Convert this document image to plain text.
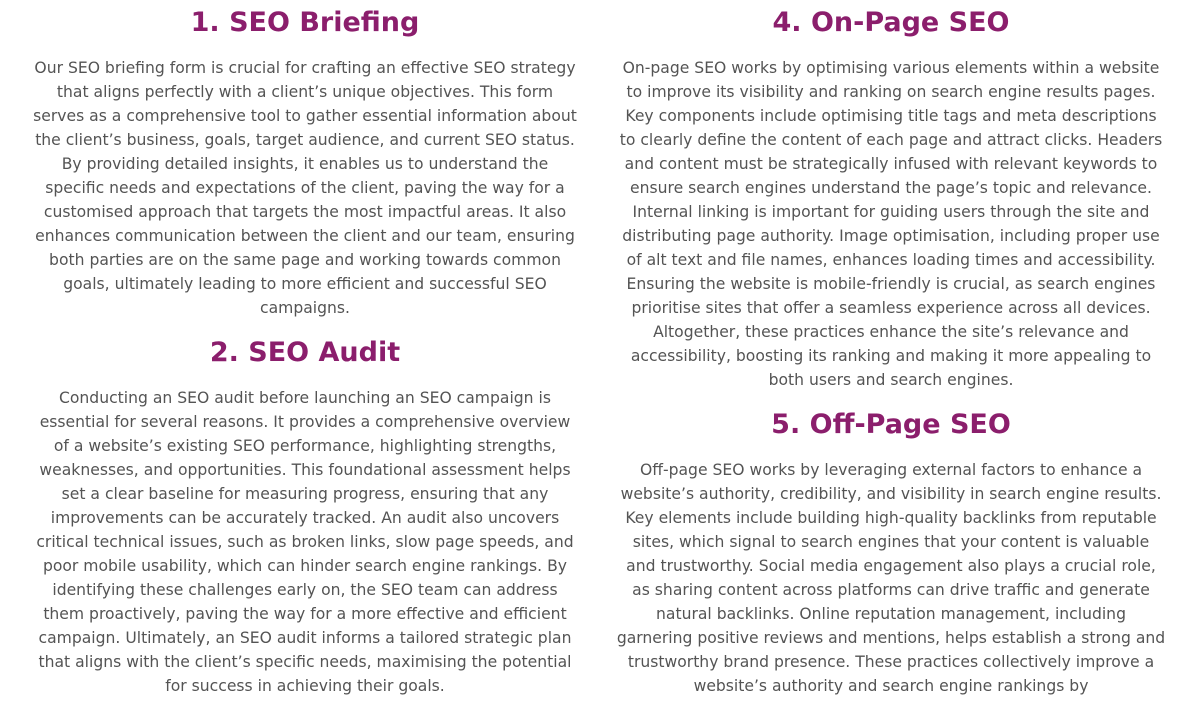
1. SEO Briefing

Our SEO briefing form is crucial for crafting an effective SEO strategy that aligns perfectly with a client’s unique objectives. This form serves as a comprehensive tool to gather essential information about the client’s business, goals, target audience, and current SEO status. By providing detailed insights, it enables us to understand the specific needs and expectations of the client, paving the way for a customised approach that targets the most impactful areas. It also enhances communication between the client and our team, ensuring both parties are on the same page and working towards common goals, ultimately leading to more efficient and successful SEO campaigns.

2. SEO Audit

Conducting an SEO audit before launching an SEO campaign is essential for several reasons. It provides a comprehensive overview of a website’s existing SEO performance, highlighting strengths, weaknesses, and opportunities. This foundational assessment helps set a clear baseline for measuring progress, ensuring that any improvements can be accurately tracked. An audit also uncovers critical technical issues, such as broken links, slow page speeds, and poor mobile usability, which can hinder search engine rankings. By identifying these challenges early on, the SEO team can address them proactively, paving the way for a more effective and efficient campaign. Ultimately, an SEO audit informs a tailored strategic plan that aligns with the client’s specific needs, maximising the potential for success in achieving their goals.

4. On-Page SEO

On-page SEO works by optimising various elements within a website to improve its visibility and ranking on search engine results pages. Key components include optimising title tags and meta descriptions to clearly define the content of each page and attract clicks. Headers and content must be strategically infused with relevant keywords to ensure search engines understand the page’s topic and relevance. Internal linking is important for guiding users through the site and distributing page authority. Image optimisation, including proper use of alt text and file names, enhances loading times and accessibility. Ensuring the website is mobile-friendly is crucial, as search engines prioritise sites that offer a seamless experience across all devices. Altogether, these practices enhance the site’s relevance and accessibility, boosting its ranking and making it more appealing to both users and search engines.

5. Off-Page SEO

Off-page SEO works by leveraging external factors to enhance a website’s authority, credibility, and visibility in search engine results. Key elements include building high-quality backlinks from reputable sites, which signal to search engines that your content is valuable and trustworthy. Social media engagement also plays a crucial role, as sharing content across platforms can drive traffic and generate natural backlinks. Online reputation management, including garnering positive reviews and mentions, helps establish a strong and trustworthy brand presence. These practices collectively improve a website’s authority and search engine rankings by
